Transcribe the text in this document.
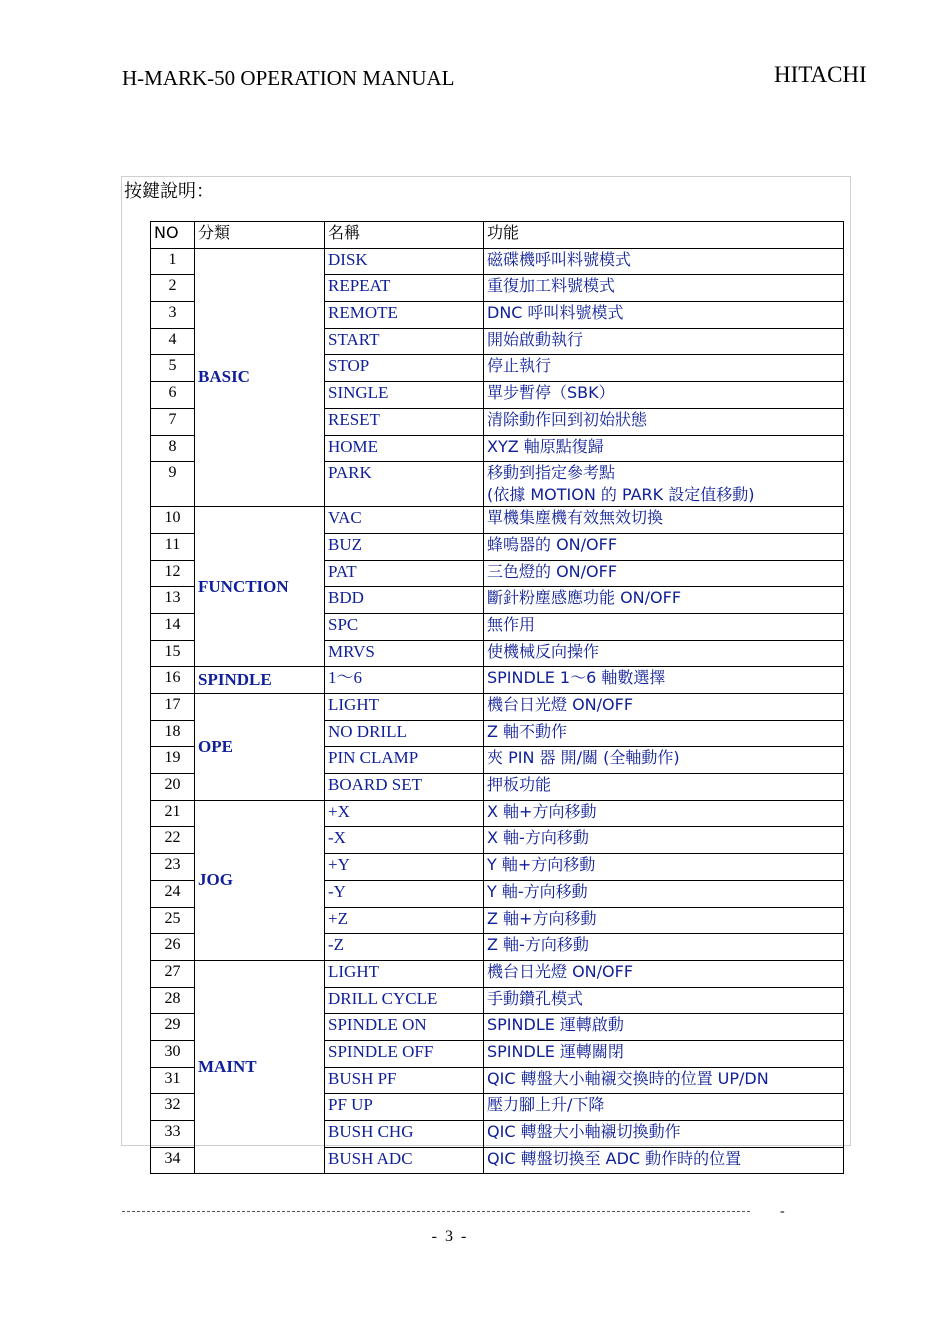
H-MARK-50 OPERATION MANUAL	HITACHI
按鍵說明：
NO	分類	名稱	功能
1	BASIC	DISK	磁碟機呼叫料號模式
2		REPEAT	重復加工料號模式
3		REMOTE	DNC 呼叫料號模式
4		START	開始啟動執行
5		STOP	停止執行
6		SINGLE	單步暫停（SBK）
7		RESET	清除動作回到初始狀態
8		HOME	XYZ 軸原點復歸
9		PARK	移動到指定參考點
(依據 MOTION 的 PARK 設定值移動)

10	FUNCTION	VAC	單機集塵機有效無效切換
11		BUZ	蜂鳴器的 ON/OFF
12		PAT	三色燈的 ON/OFF
13		BDD	斷針粉塵感應功能 ON/OFF
14		SPC	無作用
15		MRVS	使機械反向操作
16	SPINDLE	1～6	SPINDLE 1～6 軸數選擇
17	OPE	LIGHT	機台日光燈 ON/OFF
18		NO DRILL	Z 軸不動作
19		PIN CLAMP	夾 PIN 器 開/關 (全軸動作)
20		BOARD SET	押板功能
21	JOG	+X	X 軸+方向移動
22		-X	X 軸-方向移動
23		+Y	Y 軸+方向移動
24		-Y	Y 軸-方向移動
25		+Z	Z 軸+方向移動
26		-Z	Z 軸-方向移動
27	MAINT	LIGHT	機台日光燈 ON/OFF
28		DRILL CYCLE	手動鑽孔模式
29		SPINDLE ON	SPINDLE 運轉啟動
30		SPINDLE OFF	SPINDLE 運轉關閉
31		BUSH PF	QIC 轉盤大小軸襯交換時的位置 UP/DN
32		PF UP	壓力腳上升/下降
33		BUSH CHG	QIC 轉盤大小軸襯切換動作
34		BUSH ADC	QIC 轉盤切換至 ADC 動作時的位置
-
- 3 -
